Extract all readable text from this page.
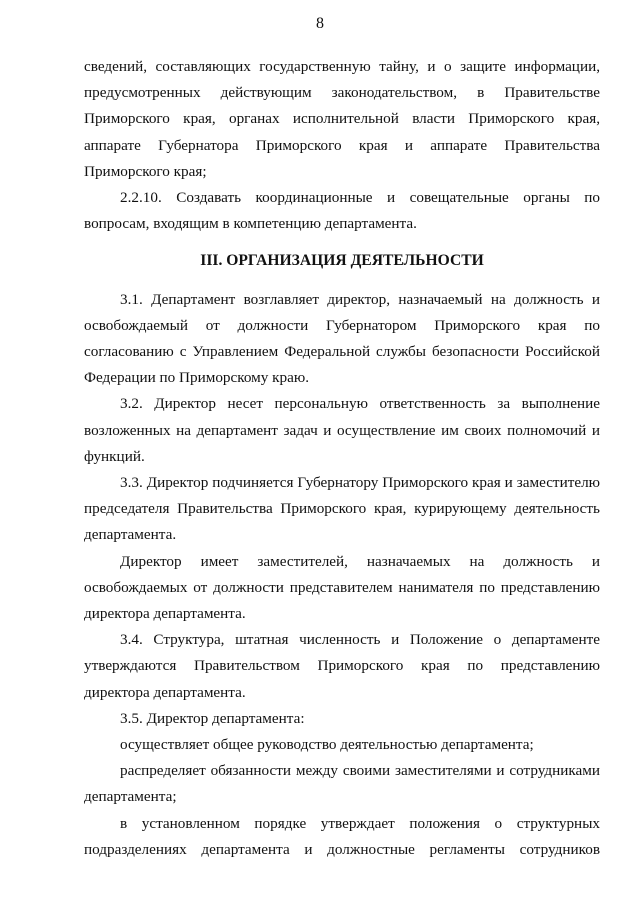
8

сведений, составляющих государственную тайну, и о защите информации, предусмотренных действующим законодательством, в Правительстве Приморского края, органах исполнительной власти Приморского края, аппарате Губернатора Приморского края и аппарате Правительства Приморского края;

2.2.10. Создавать координационные и совещательные органы по вопросам, входящим в компетенцию департамента.

III. ОРГАНИЗАЦИЯ ДЕЯТЕЛЬНОСТИ

3.1. Департамент возглавляет директор, назначаемый на должность и освобождаемый от должности Губернатором Приморского края по согласованию с Управлением Федеральной службы безопасности Российской Федерации по Приморскому краю.

3.2. Директор несет персональную ответственность за выполнение возложенных на департамент задач и осуществление им своих полномочий и функций.

3.3. Директор подчиняется Губернатору Приморского края и заместителю председателя Правительства Приморского края, курирующему деятельность департамента.

Директор имеет заместителей, назначаемых на должность и освобождаемых от должности представителем нанимателя по представлению директора департамента.

3.4. Структура, штатная численность и Положение о департаменте утверждаются Правительством Приморского края по представлению директора департамента.

3.5. Директор департамента:

осуществляет общее руководство деятельностью департамента;

распределяет обязанности между своими заместителями и сотрудниками департамента;

в установленном порядке утверждает положения о структурных подразделениях департамента и должностные регламенты сотрудников
